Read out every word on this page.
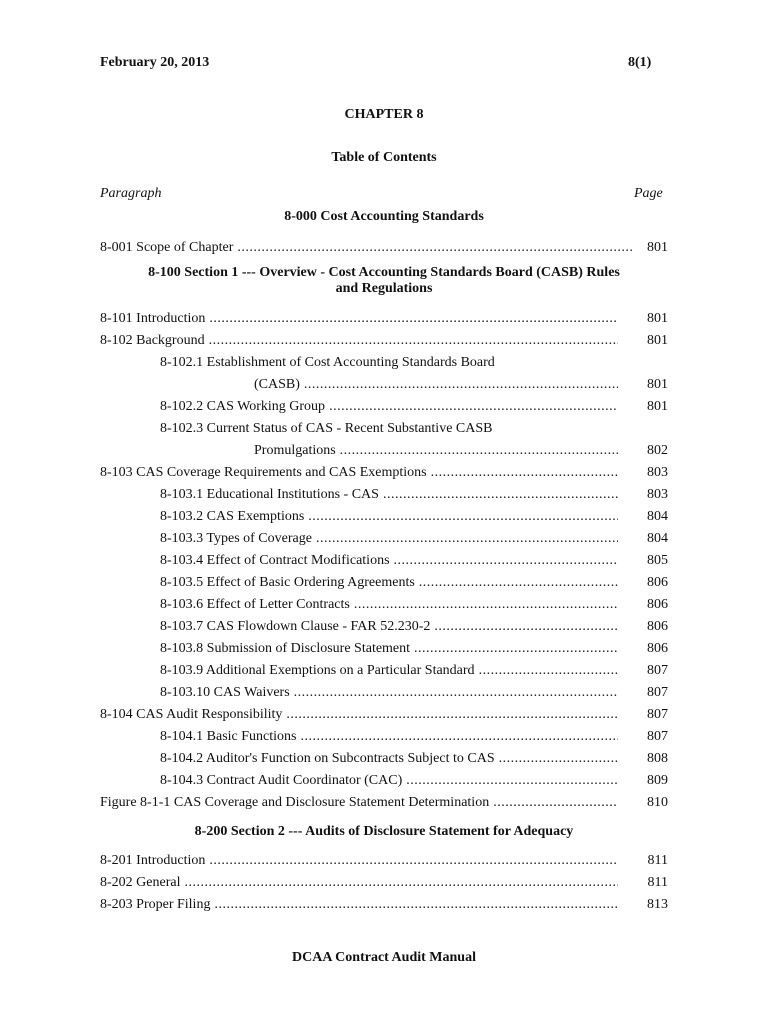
February 20, 2013	8(1)
CHAPTER 8
Table of Contents
Paragraph	Page
8-000 Cost Accounting Standards
8-001 Scope of Chapter .....	801
8-100 Section 1 --- Overview - Cost Accounting Standards Board (CASB) Rules
and Regulations
8-101 Introduction .....	801
8-102 Background .....	801
8-102.1 Establishment of Cost Accounting Standards Board
(CASB) .....	801
8-102.2 CAS Working Group .....	801
8-102.3 Current Status of CAS - Recent Substantive CASB
Promulgations .....	802
8-103 CAS Coverage Requirements and CAS Exemptions .....	803
8-103.1 Educational Institutions - CAS .....	803
8-103.2 CAS Exemptions .....	804
8-103.3 Types of Coverage .....	804
8-103.4 Effect of Contract Modifications .....	805
8-103.5 Effect of Basic Ordering Agreements .....	806
8-103.6 Effect of Letter Contracts .....	806
8-103.7 CAS Flowdown Clause - FAR 52.230-2 .....	806
8-103.8 Submission of Disclosure Statement .....	806
8-103.9 Additional Exemptions on a Particular Standard .....	807
8-103.10 CAS Waivers .....	807
8-104 CAS Audit Responsibility .....	807
8-104.1 Basic Functions .....	807
8-104.2 Auditor's Function on Subcontracts Subject to CAS .....	808
8-104.3 Contract Audit Coordinator (CAC) .....	809
Figure 8-1-1 CAS Coverage and Disclosure Statement Determination .....	810
8-200 Section 2 --- Audits of Disclosure Statement for Adequacy
8-201 Introduction .....	811
8-202 General .....	811
8-203 Proper Filing .....	813
DCAA Contract Audit Manual
